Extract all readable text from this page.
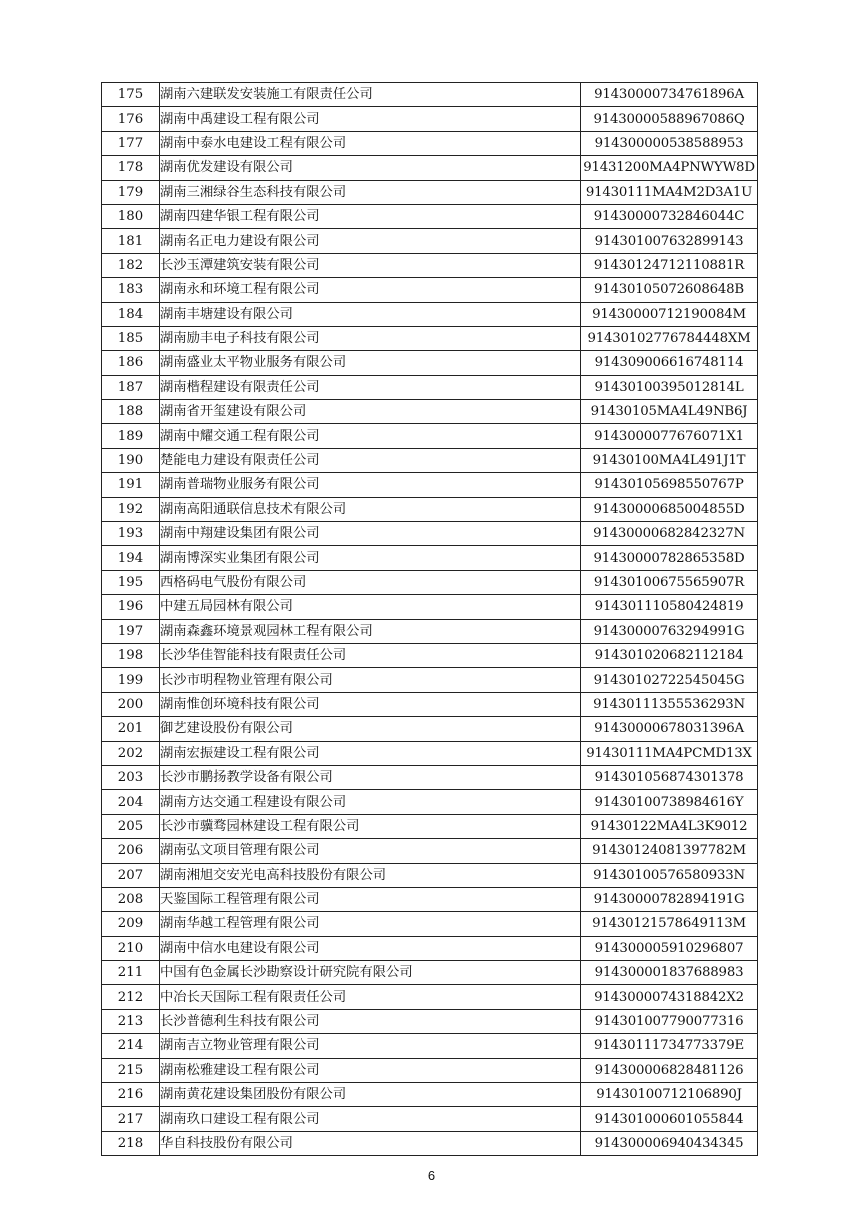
175	湖南六建联发安装施工有限责任公司	91430000734761896A
176	湖南中禹建设工程有限公司	91430000588967086Q
177	湖南中泰水电建设工程有限公司	914300000538588953
178	湖南优发建设有限公司	91431200MA4PNWYW8D
179	湖南三湘绿谷生态科技有限公司	91430111MA4M2D3A1U
180	湖南四建华银工程有限公司	91430000732846044C
181	湖南名正电力建设有限公司	914301007632899143
182	长沙玉潭建筑安装有限公司	91430124712110881R
183	湖南永和环境工程有限公司	91430105072608648B
184	湖南丰塘建设有限公司	91430000712190084M
185	湖南励丰电子科技有限公司	91430102776784448XM
186	湖南盛业太平物业服务有限公司	914309006616748114
187	湖南楷程建设有限责任公司	91430100395012814L
188	湖南省开玺建设有限公司	91430105MA4L49NB6J
189	湖南中耀交通工程有限公司	9143000077676071X1
190	楚能电力建设有限责任公司	91430100MA4L491J1T
191	湖南普瑞物业服务有限公司	91430105698550767P
192	湖南高阳通联信息技术有限公司	91430000685004855D
193	湖南中翔建设集团有限公司	91430000682842327N
194	湖南博深实业集团有限公司	91430000782865358D
195	西格码电气股份有限公司	91430100675565907R
196	中建五局园林有限公司	914301110580424819
197	湖南森鑫环境景观园林工程有限公司	91430000763294991G
198	长沙华佳智能科技有限责任公司	914301020682112184
199	长沙市明程物业管理有限公司	91430102722545045G
200	湖南惟创环境科技有限公司	91430111355536293N
201	御艺建设股份有限公司	91430000678031396A
202	湖南宏振建设工程有限公司	91430111MA4PCMD13X
203	长沙市鹏扬教学设备有限公司	914301056874301378
204	湖南方达交通工程建设有限公司	91430100738984616Y
205	长沙市骥骛园林建设工程有限公司	91430122MA4L3K9012
206	湖南弘文项目管理有限公司	91430124081397782M
207	湖南湘旭交安光电高科技股份有限公司	91430100576580933N
208	天鉴国际工程管理有限公司	91430000782894191G
209	湖南华越工程管理有限公司	91430121578649113M
210	湖南中信水电建设有限公司	914300005910296807
211	中国有色金属长沙勘察设计研究院有限公司	914300001837688983
212	中冶长天国际工程有限责任公司	9143000074318842X2
213	长沙普德利生科技有限公司	914301007790077316
214	湖南吉立物业管理有限公司	91430111734773379E
215	湖南松雅建设工程有限公司	914300006828481126
216	湖南黄花建设集团股份有限公司	91430100712106890J
217	湖南玖口建设工程有限公司	914301000601055844
218	华自科技股份有限公司	914300006940434345
6
